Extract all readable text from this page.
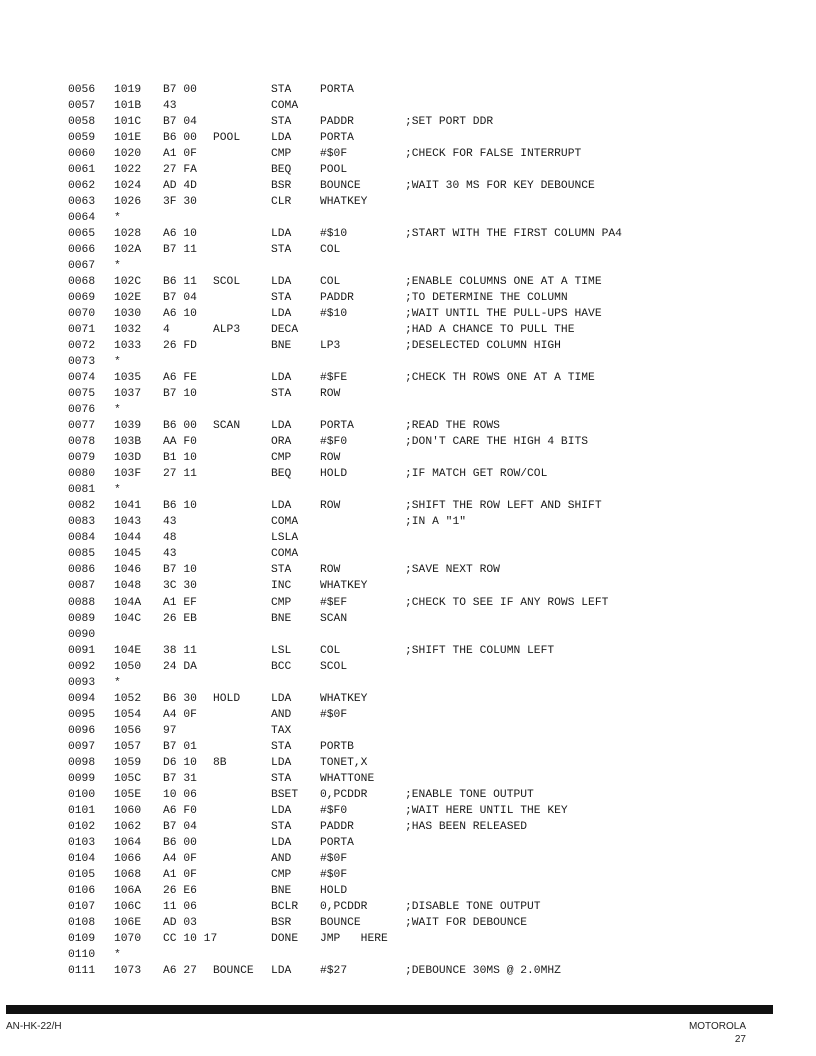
0056 1019 B7 00	STA	PORTA
0057 101B 43	COMA
0058 101C B7 04	STA	PADDR	;SET PORT DDR
0059 101E B6 00 POOL	LDA	PORTA
0060 1020 A1 0F	CMP	#$0F	;CHECK FOR FALSE INTERRUPT
0061 1022 27 FA	BEQ	POOL
0062 1024 AD 4D	BSR	BOUNCE	;WAIT 30 MS FOR KEY DEBOUNCE
0063 1026 3F 30	CLR	WHATKEY
0064 *
0065 1028 A6 10	LDA	#$10	;START WITH THE FIRST COLUMN PA4
0066 102A B7 11	STA	COL
0067 *
0068 102C B6 11 SCOL	LDA	COL	;ENABLE COLUMNS ONE AT A TIME
0069 102E B7 04	STA	PADDR	;TO DETERMINE THE COLUMN
0070 1030 A6 10	LDA	#$10	;WAIT UNTIL THE PULL-UPS HAVE
0071 1032 4	ALP3	DECA	;HAD A CHANCE TO PULL THE
0072 1033 26 FD	BNE	LP3	;DESELECTED COLUMN HIGH
0073 *
0074 1035 A6 FE	LDA	#$FE	;CHECK TH ROWS ONE AT A TIME
0075 1037 B7 10	STA	ROW
0076 *
0077 1039 B6 00 SCAN	LDA	PORTA	;READ THE ROWS
0078 103B AA F0	ORA	#$F0	;DON'T CARE THE HIGH 4 BITS
0079 103D B1 10	CMP	ROW
0080 103F 27 11	BEQ	HOLD	;IF MATCH GET ROW/COL
0081 *
0082 1041 B6 10	LDA	ROW	;SHIFT THE ROW LEFT AND SHIFT
0083 1043 43	COMA	;IN A "1"
0084 1044 48	LSLA
0085 1045 43	COMA
0086 1046 B7 10	STA	ROW	;SAVE NEXT ROW
0087 1048 3C 30	INC	WHATKEY
0088 104A A1 EF	CMP	#$EF	;CHECK TO SEE IF ANY ROWS LEFT
0089 104C 26 EB	BNE	SCAN
0090
0091 104E 38 11	LSL	COL	;SHIFT THE COLUMN LEFT
0092 1050 24 DA	BCC	SCOL
0093 *
0094 1052 B6 30 HOLD	LDA	WHATKEY
0095 1054 A4 0F	AND	#$0F
0096 1056 97	TAX
0097 1057 B7 01	STA	PORTB
0098 1059 D6 10 8B	LDA	TONET,X
0099 105C B7 31	STA	WHATTONE
0100 105E 10 06	BSET 0,PCDDR	;ENABLE TONE OUTPUT
0101 1060 A6 F0	LDA	#$F0	;WAIT HERE UNTIL THE KEY
0102 1062 B7 04	STA	PADDR	;HAS BEEN RELEASED
0103 1064 B6 00	LDA	PORTA
0104 1066 A4 0F	AND	#$0F
0105 1068 A1 0F	CMP	#$0F
0106 106A 26 E6	BNE	HOLD
0107 106C 11 06	BCLR 0,PCDDR	;DISABLE TONE OUTPUT
0108 106E AD 03	BSR	BOUNCE	;WAIT FOR DEBOUNCE
0109 1070 CC 10 17	DONE JMP   HERE
0110 *
0111 1073 A6 27 BOUNCE LDA	#$27	;DEBOUNCE 30MS @ 2.0MHZ
AN-HK-22/H	MOTOROLA
27
